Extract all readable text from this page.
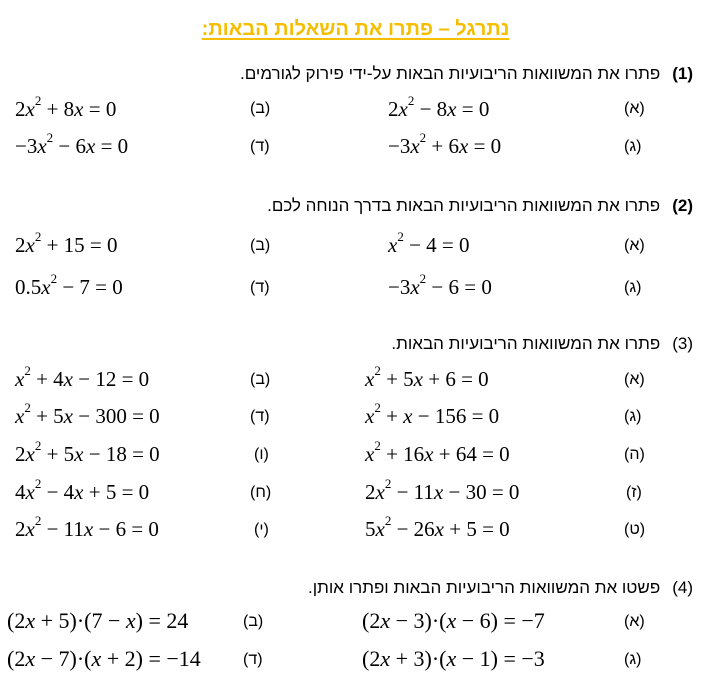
נתרגל – פתרו את השאלות הבאות:
(1)פתרו את המשוואות הריבועיות הבאות על-ידי פירוק לגורמים.
(א)
$2x^2 - 8x = 0$
(ב)
$2x^2 + 8x = 0$
(ג)
$-3x^2 + 6x = 0$
(ד)
$-3x^2 - 6x = 0$
(2)פתרו את המשוואות הריבועיות הבאות בדרך הנוחה לכם.
(א)
$x^2 - 4 = 0$
(ב)
$2x^2 + 15 = 0$
(ג)
$-3x^2 - 6 = 0$
(ד)
$0.5x^2 - 7 = 0$
(3)פתרו את המשוואות הריבועיות הבאות.
(א)
$x^2 + 5x + 6 = 0$
(ב)
$x^2 + 4x - 12 = 0$
(ג)
$x^2 + x - 156 = 0$
(ד)
$x^2 + 5x - 300 = 0$
(ה)
$x^2 + 16x + 64 = 0$
(ו)
$2x^2 + 5x - 18 = 0$
(ז)
$2x^2 - 11x - 30 = 0$
(ח)
$4x^2 - 4x + 5 = 0$
(ט)
$5x^2 - 26x + 5 = 0$
(י)
$2x^2 - 11x - 6 = 0$
(4)פשטו את המשוואות הריבועיות הבאות ופתרו אותן.
(א)
(2x − 3)·(x − 6) = −7
(ב)
(2x + 5)·(7 − x) = 24
(ג)
(2x + 3)·(x − 1) = −3
(ד)
(2x − 7)·(x + 2) = −14
